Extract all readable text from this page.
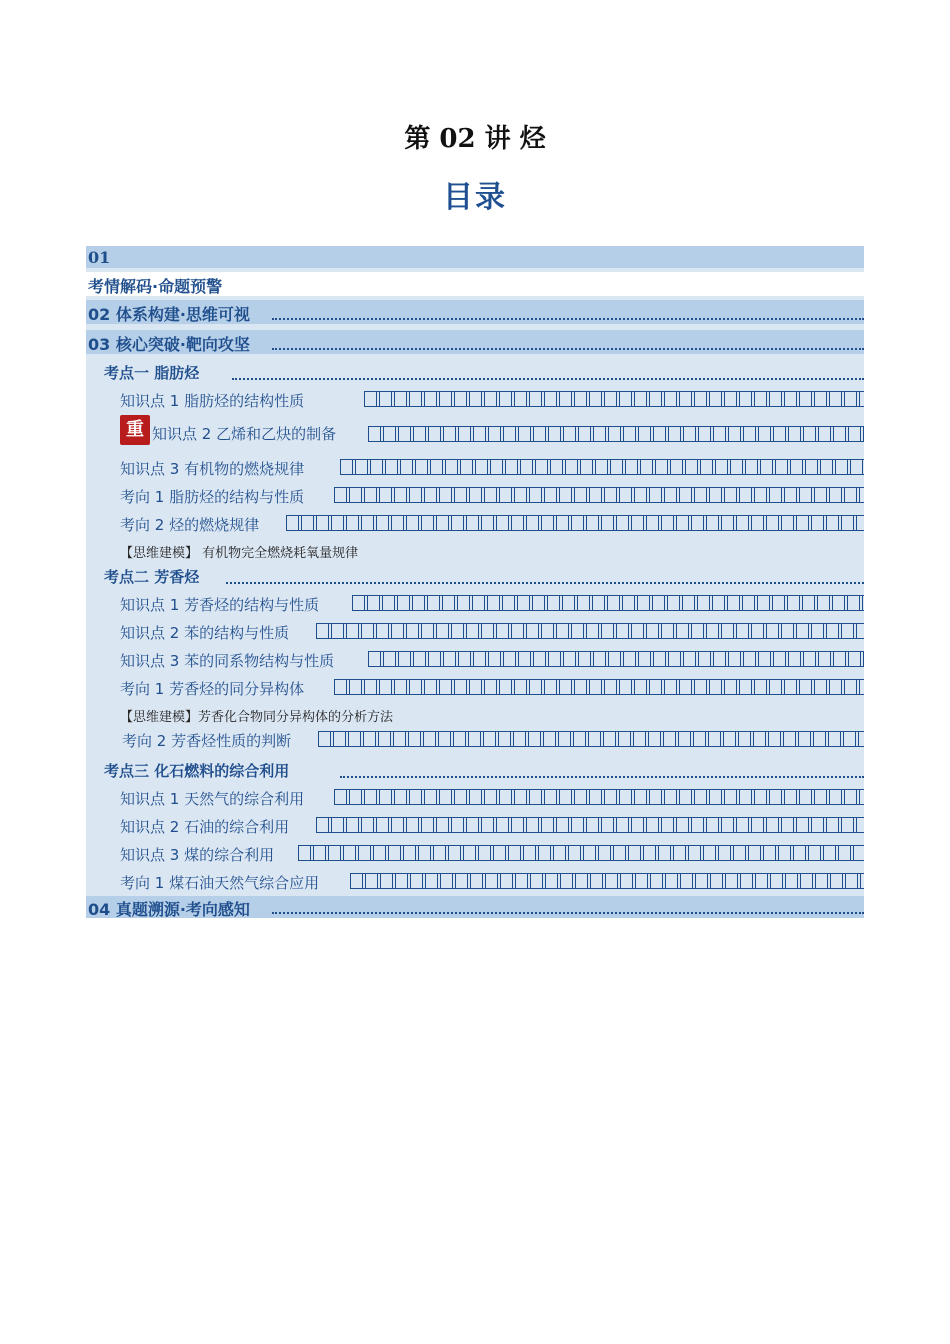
第 02 讲 烃
目录
01
考情解码·命题预警
02 体系构建·思维可视
03 核心突破·靶向攻坚
考点一 脂肪烃
知识点 1 脂肪烃的结构性质
重 知识点 2 乙烯和乙炔的制备
知识点 3 有机物的燃烧规律
考向 1 脂肪烃的结构与性质
考向 2 烃的燃烧规律
【思维建模】 有机物完全燃烧耗氧量规律
考点二 芳香烃
知识点 1 芳香烃的结构与性质
知识点 2 苯的结构与性质
知识点 3 苯的同系物结构与性质
考向 1 芳香烃的同分异构体
【思维建模】芳香化合物同分异构体的分析方法
考向 2 芳香烃性质的判断
考点三 化石燃料的综合利用
知识点 1 天然气的综合利用
知识点 2 石油的综合利用
知识点 3 煤的综合利用
考向 1 煤石油天然气综合应用
04 真题溯源·考向感知
